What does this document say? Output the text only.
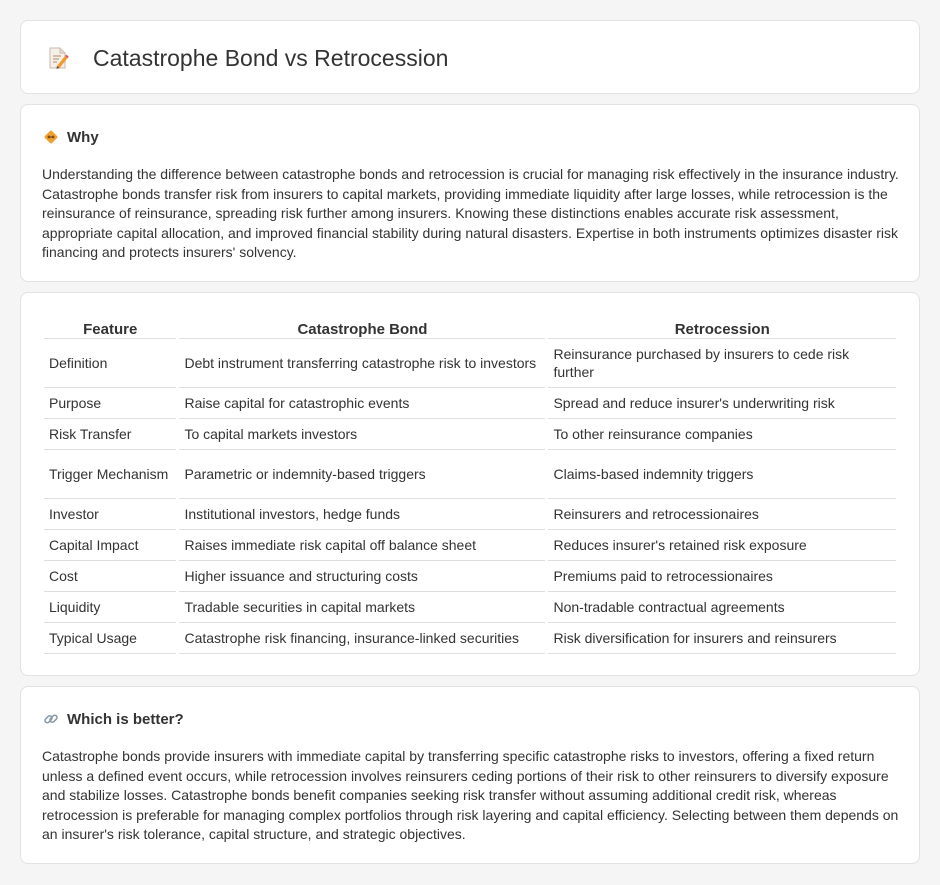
Catastrophe Bond vs Retrocession
Why

Understanding the difference between catastrophe bonds and retrocession is crucial for managing risk effectively in the insurance industry. Catastrophe bonds transfer risk from insurers to capital markets, providing immediate liquidity after large losses, while retrocession is the reinsurance of reinsurance, spreading risk further among insurers. Knowing these distinctions enables accurate risk assessment, appropriate capital allocation, and improved financial stability during natural disasters. Expertise in both instruments optimizes disaster risk financing and protects insurers' solvency.

Feature	Catastrophe Bond	Retrocession
Definition	Debt instrument transferring catastrophe risk to investors	Reinsurance purchased by insurers to cede risk further
Purpose	Raise capital for catastrophic events	Spread and reduce insurer's underwriting risk
Risk Transfer	To capital markets investors	To other reinsurance companies
Trigger Mechanism	Parametric or indemnity-based triggers	Claims-based indemnity triggers
Investor	Institutional investors, hedge funds	Reinsurers and retrocessionaires
Capital Impact	Raises immediate risk capital off balance sheet	Reduces insurer's retained risk exposure
Cost	Higher issuance and structuring costs	Premiums paid to retrocessionaires
Liquidity	Tradable securities in capital markets	Non-tradable contractual agreements
Typical Usage	Catastrophe risk financing, insurance-linked securities	Risk diversification for insurers and reinsurers
Which is better?

Catastrophe bonds provide insurers with immediate capital by transferring specific catastrophe risks to investors, offering a fixed return unless a defined event occurs, while retrocession involves reinsurers ceding portions of their risk to other reinsurers to diversify exposure and stabilize losses. Catastrophe bonds benefit companies seeking risk transfer without assuming additional credit risk, whereas retrocession is preferable for managing complex portfolios through risk layering and capital efficiency. Selecting between them depends on an insurer's risk tolerance, capital structure, and strategic objectives.
